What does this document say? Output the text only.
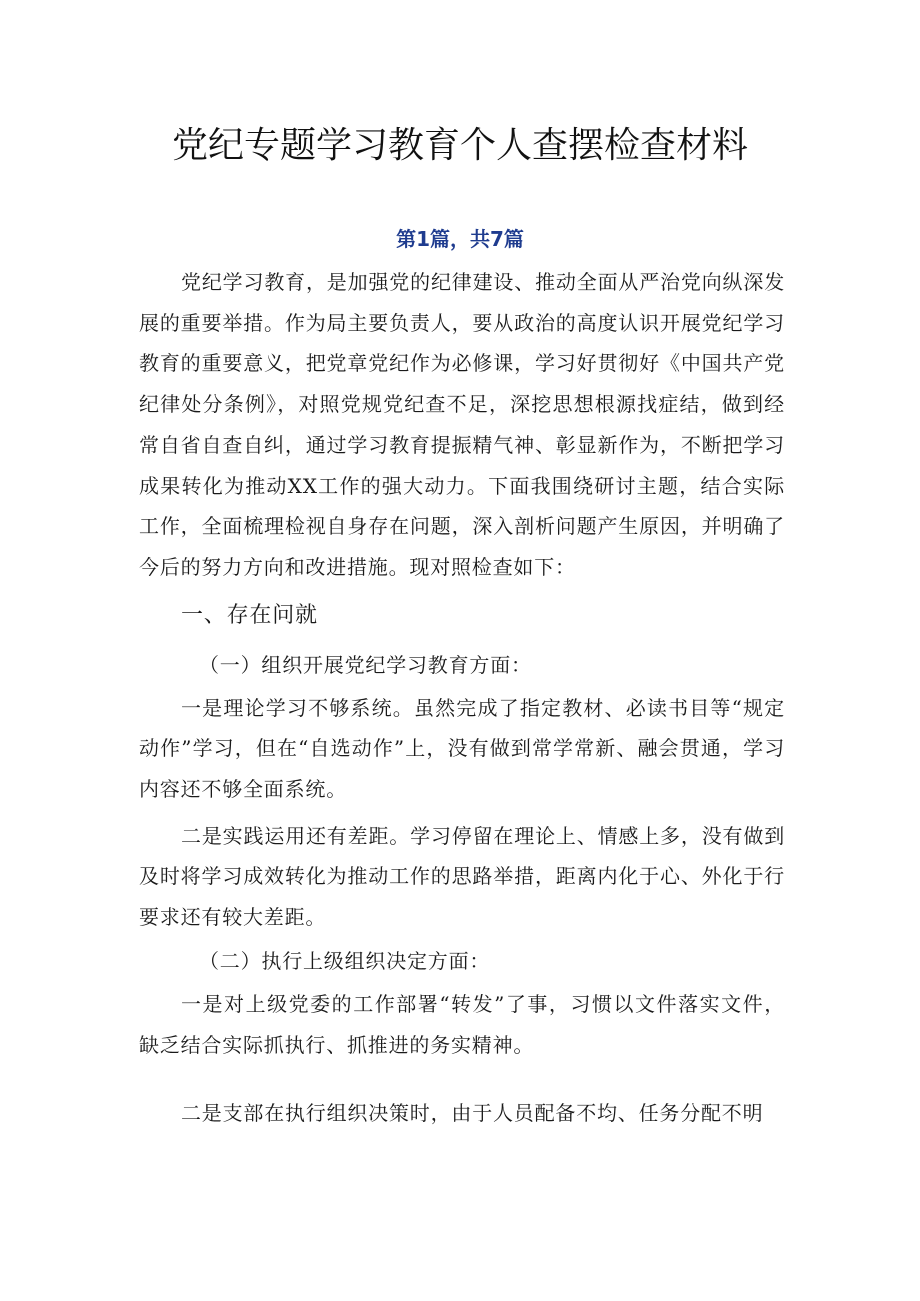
党纪专题学习教育个人查摆检查材料
第1篇，共7篇

党纪学习教育，是加强党的纪律建设、推动全面从严治党向纵深发展的重要举措。作为局主要负责人，要从政治的高度认识开展党纪学习教育的重要意义，把党章党纪作为必修课，学习好贯彻好《中国共产党纪律处分条例》，对照党规党纪查不足，深挖思想根源找症结，做到经常自省自查自纠，通过学习教育提振精气神、彰显新作为，不断把学习成果转化为推动XX工作的强大动力。下面我围绕研讨主题，结合实际工作，全面梳理检视自身存在问题，深入剖析问题产生原因，并明确了今后的努力方向和改进措施。现对照检查如下：

一、存在问就

（一）组织开展党纪学习教育方面：

一是理论学习不够系统。虽然完成了指定教材、必读书目等“规定动作”学习，但在“自选动作”上，没有做到常学常新、融会贯通，学习内容还不够全面系统。

二是实践运用还有差距。学习停留在理论上、情感上多，没有做到及时将学习成效转化为推动工作的思路举措，距离内化于心、外化于行要求还有较大差距。

（二）执行上级组织决定方面：

一是对上级党委的工作部署“转发”了事，习惯以文件落实文件，缺乏结合实际抓执行、抓推进的务实精神。

二是支部在执行组织决策时，由于人员配备不均、任务分配不明
